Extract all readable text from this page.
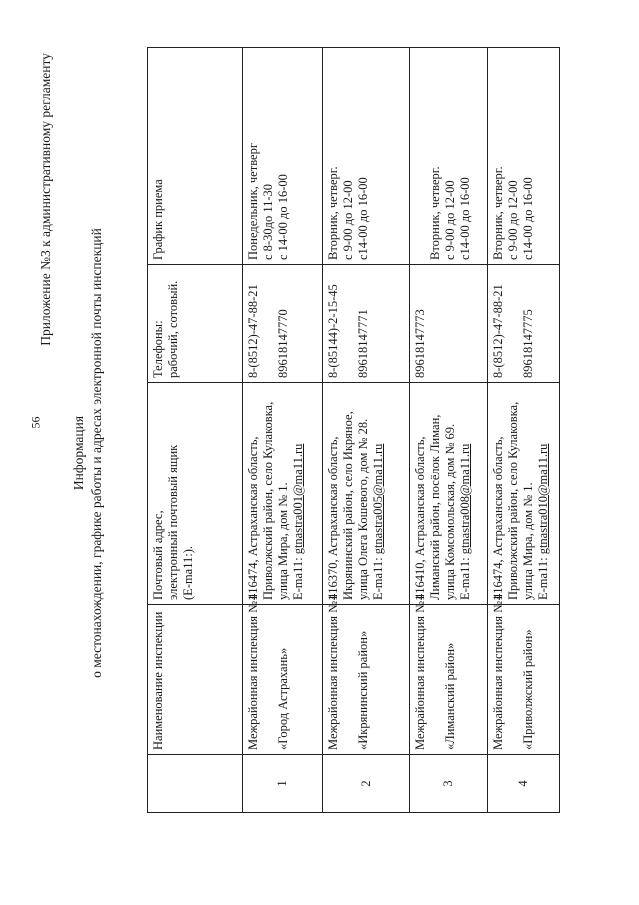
56
Приложение №3 к административному регламенту
Информация о местонахождении, графике работы и адресах электронной почты инспекций

	Наименование инспекции	Почтовый адрес, электронный почтовый ящик (E-ma11:).	Телефоны: рабочий, сотовый.	График приема

1	Межрайонная инспекция №1 «Город Астрахань»	416474, Астраханская область, Приволжский район, село Кулаковка, улица Мира, дом № 1. E-ma11: gtnastra001@ma11.ru	8-(8512)-47-88-21 89618147770	Понедельник, четверг с 8-30до 11-30 с 14-00 до 16-00

2	Межрайонная инспекция №1 «Икрянинский район»	416370, Астраханская область, Икрянинский район, село Икряное, улица Олега Кошевого, дом № 28. E-ma11: gtnastra005@ma11.ru	8-(85144)-2-15-45 89618147771	Вторник, четверг. с 9-00 до 12-00 с14-00 до 16-00

3	Межрайонная инспекция №1 «Лиманский район»	416410, Астраханская область, Лиманский район, посёлок Лиман, улица Комсомольская, дом № 69. E-ma11: gtnastra008@ma11.ru	89618147773	Вторник, четверг. с 9-00 до 12-00 с14-00 до 16-00

4	Межрайонная инспекция №1 «Приволжский район»	416474, Астраханская область, Приволжский район, село Кулаковка, улица Мира, дом № 1. E-ma11: gtnastra010@ma11.ru	8-(8512)-47-88-21 89618147775	Вторник, четверг. с 9-00 до 12-00 с14-00 до 16-00
